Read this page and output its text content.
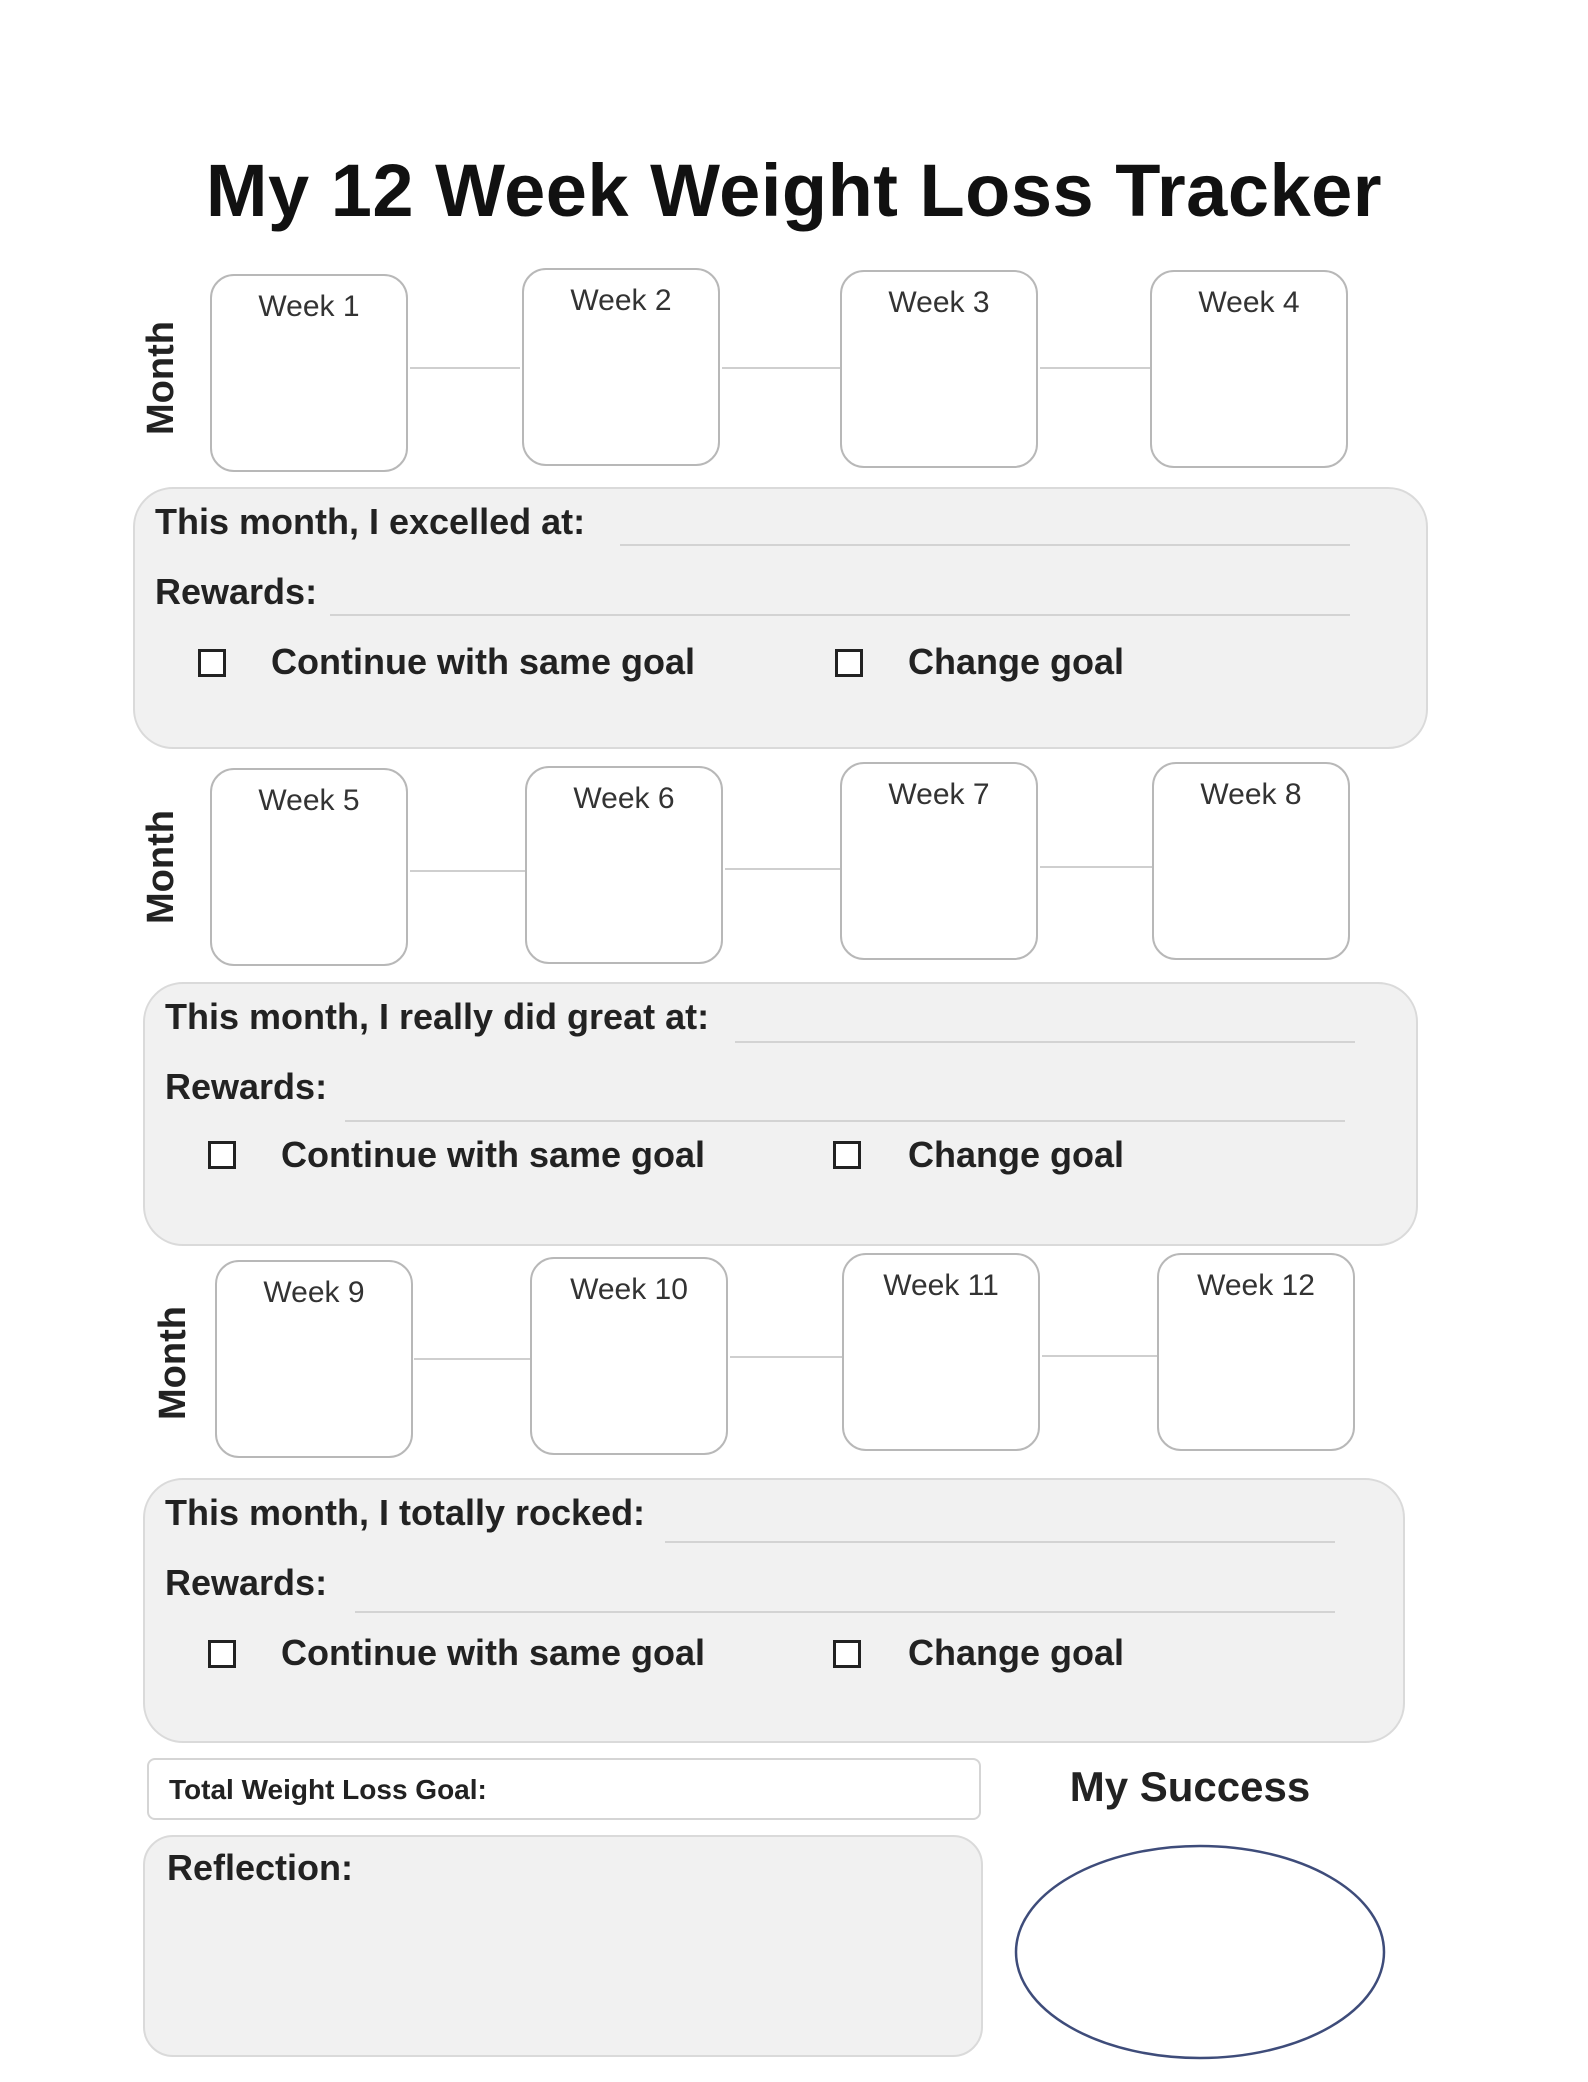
My 12 Week Weight Loss Tracker
Month
Week 1	Week 2	Week 3	Week 4
This month, I excelled at:
Rewards:
Continue with same goal	Change goal
Month
Week 5	Week 6	Week 7	Week 8
This month, I really did great at:
Rewards:
Continue with same goal	Change goal
Month
Week 9	Week 10	Week 11	Week 12
This month, I totally rocked:
Rewards:
Continue with same goal	Change goal
Total Weight Loss Goal:
Reflection:
My Success
